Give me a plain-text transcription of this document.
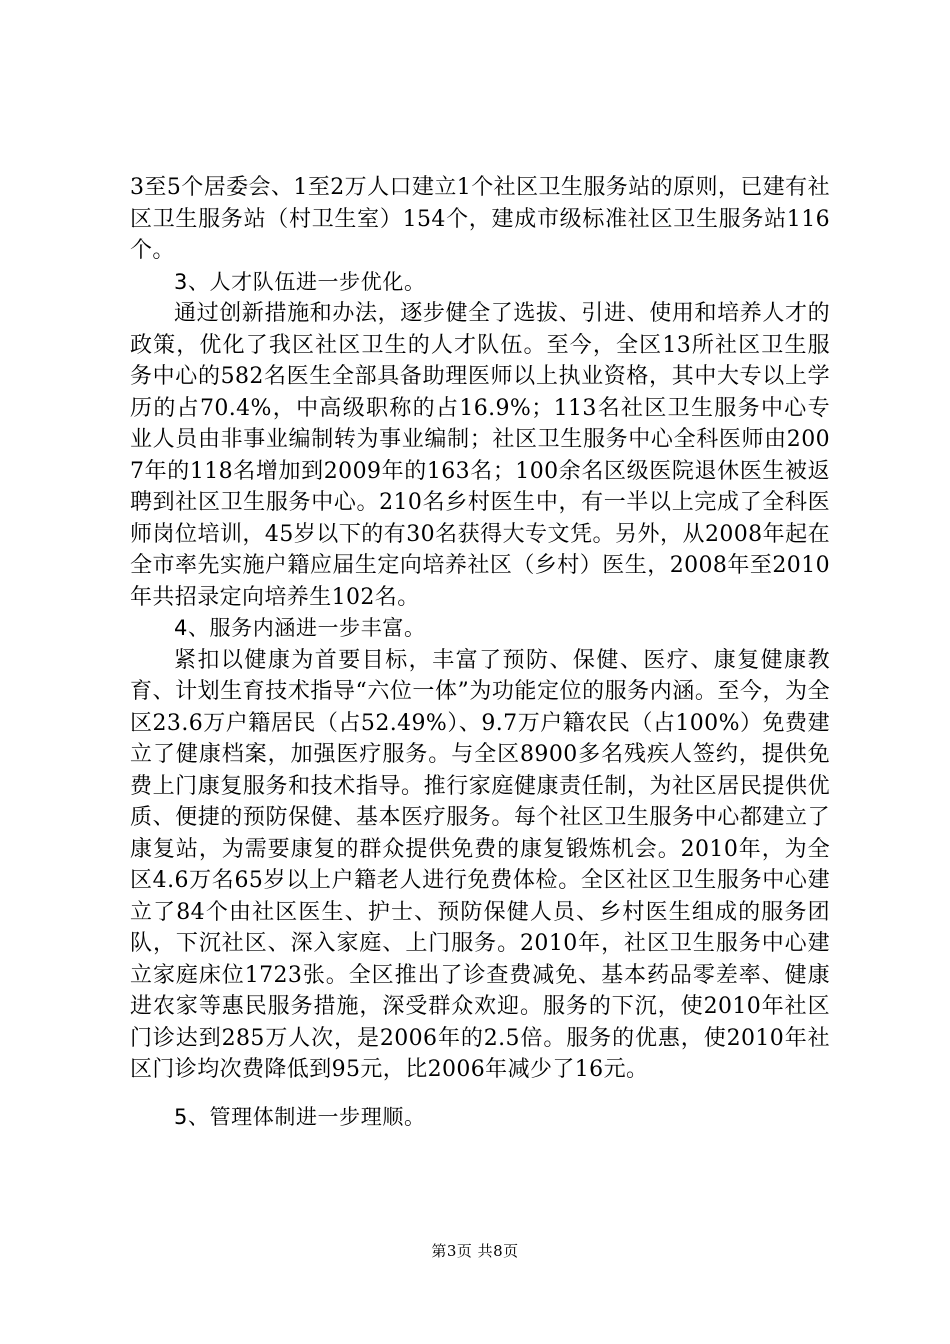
3至5个居委会、1至2万人口建立1个社区卫生服务站的原则，已建有社区卫生服务站（村卫生室）154个，建成市级标准社区卫生服务站116个。

3、人才队伍进一步优化。

通过创新措施和办法，逐步健全了选拔、引进、使用和培养人才的政策，优化了我区社区卫生的人才队伍。至今，全区13所社区卫生服务中心的582名医生全部具备助理医师以上执业资格，其中大专以上学历的占70.4%，中高级职称的占16.9%；113名社区卫生服务中心专业人员由非事业编制转为事业编制；社区卫生服务中心全科医师由2007年的118名增加到2009年的163名；100余名区级医院退休医生被返聘到社区卫生服务中心。210名乡村医生中，有一半以上完成了全科医师岗位培训，45岁以下的有30名获得大专文凭。另外，从2008年起在全市率先实施户籍应届生定向培养社区（乡村）医生，2008年至2010年共招录定向培养生102名。

4、服务内涵进一步丰富。

紧扣以健康为首要目标，丰富了预防、保健、医疗、康复健康教育、计划生育技术指导“六位一体”为功能定位的服务内涵。至今，为全区23.6万户籍居民（占52.49%）、9.7万户籍农民（占100%）免费建立了健康档案，加强医疗服务。与全区8900多名残疾人签约，提供免费上门康复服务和技术指导。推行家庭健康责任制，为社区居民提供优质、便捷的预防保健、基本医疗服务。每个社区卫生服务中心都建立了康复站，为需要康复的群众提供免费的康复锻炼机会。2010年，为全区4.6万名65岁以上户籍老人进行免费体检。全区社区卫生服务中心建立了84个由社区医生、护士、预防保健人员、乡村医生组成的服务团队，下沉社区、深入家庭、上门服务。2010年，社区卫生服务中心建立家庭床位1723张。全区推出了诊查费减免、基本药品零差率、健康进农家等惠民服务措施，深受群众欢迎。服务的下沉，使2010年社区门诊达到285万人次，是2006年的2.5倍。服务的优惠，使2010年社区门诊均次费降低到95元，比2006年减少了16元。

5、管理体制进一步理顺。

第3页 共8页
